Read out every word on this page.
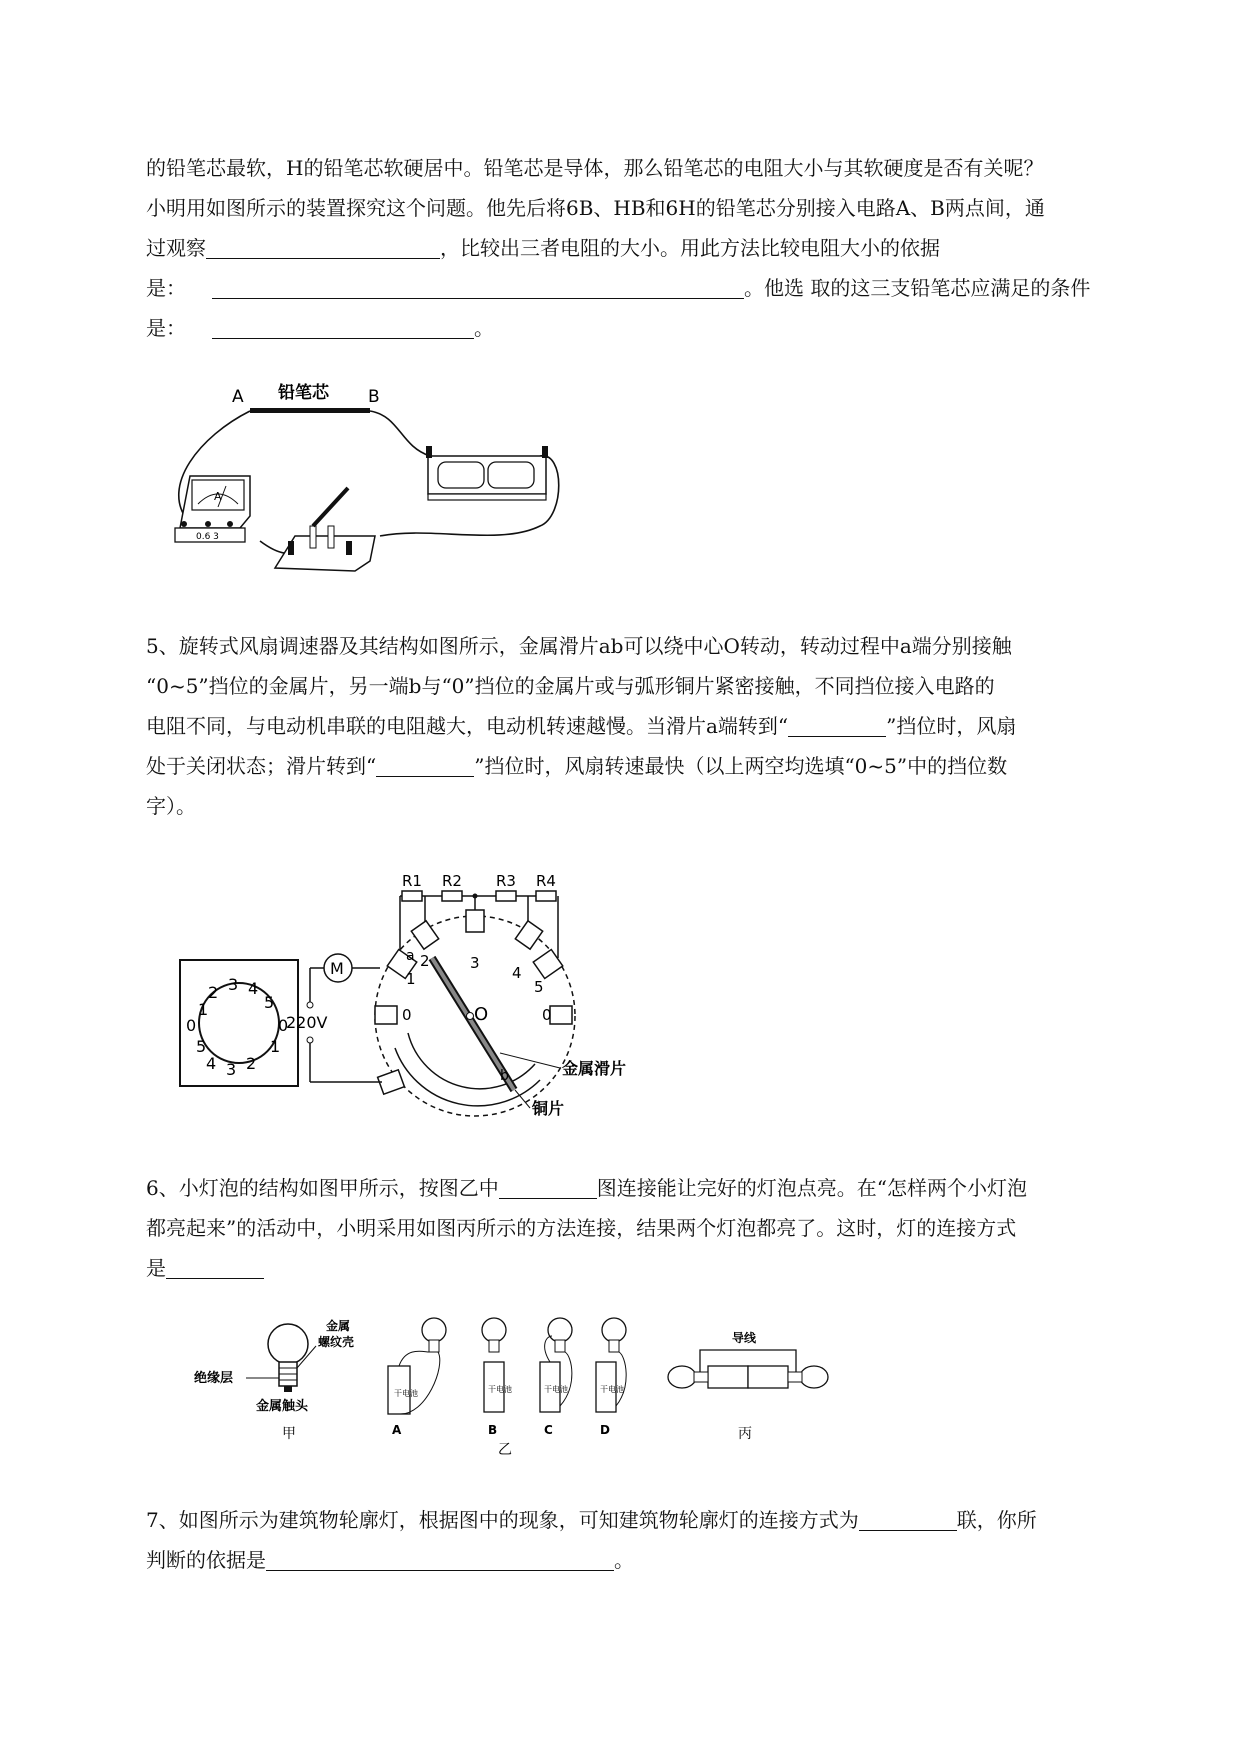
的铅笔芯最软，H的铅笔芯软硬居中。铅笔芯是导体，那么铅笔芯的电阻大小与其软硬度是否有关呢？
小明用如图所示的装置探究这个问题。他先后将6B、HB和6H的铅笔芯分别接入电路A、B两点间，通
过观察	，比较出三者电阻的大小。用此方法比较电阻大小的依据
是：	。他选 取的这三支铅笔芯应满足的条件
是：	。
A	B
铅笔芯
A
0.6 3
5、旋转式风扇调速器及其结构如图所示，金属滑片ab可以绕中心O转动，转动过程中a端分别接触
“0~5”挡位的金属片，另一端b与“0”挡位的金属片或与弧形铜片紧密接触，不同挡位接入电路的
电阻不同，与电动机串联的电阻越大，电动机转速越慢。当滑片a端转到“	”挡位时，风扇
处于关闭状态；滑片转到“	”挡位时，风扇转速最快（以上两空均选填“0~5”中的挡位数
字）。
1
2 3 4
5
0	0
5
4 3 2
1
R1 R2 R3 R4
M
220V	O
a
b
0
1
2	3
4
5
0
金属滑片
铜片
6、小灯泡的结构如图甲所示，按图乙中	图连接能让完好的灯泡点亮。在“怎样两个小灯泡
都亮起来”的活动中，小明采用如图丙所示的方法连接，结果两个灯泡都亮了。这时，灯的连接方式
是
金属
螺纹壳
绝缘层
金属触头
甲
干电池
A
干电池
B
干电池
C
干电池
D
乙
导线
丙
7、如图所示为建筑物轮廓灯，根据图中的现象，可知建筑物轮廓灯的连接方式为	联，你所
判断的依据是	。
